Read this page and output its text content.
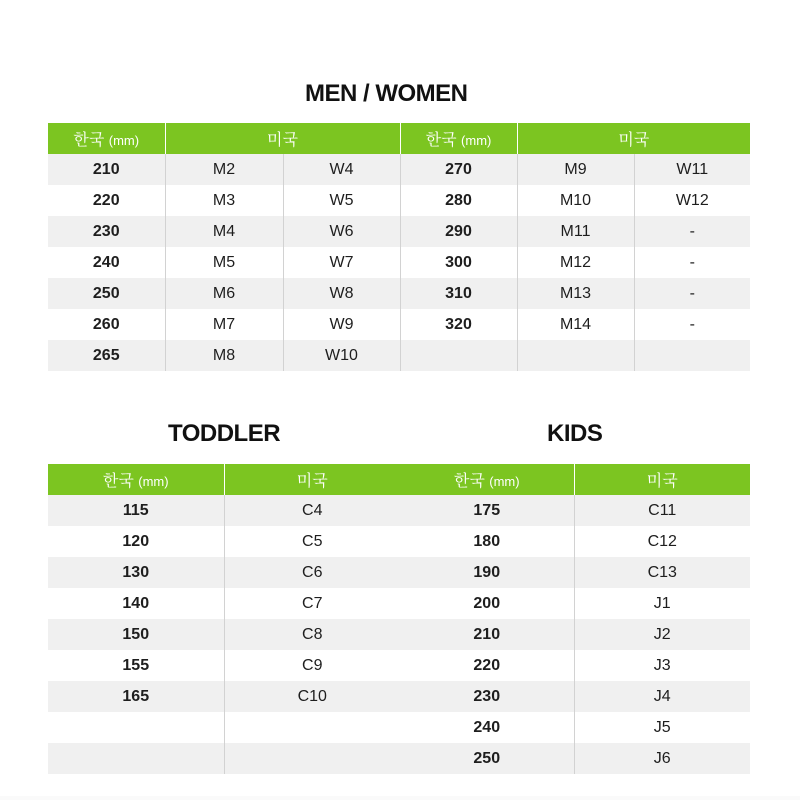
MEN / WOMEN
한국 (mm)	미국		한국 (mm)	미국	
210	M2	W4	270	M9	W11
220	M3	W5	280	M10	W12
230	M4	W6	290	M11	-
240	M5	W7	300	M12	-
250	M6	W8	310	M13	-
260	M7	W9	320	M14	-
265	M8	W10			
TODDLER	KIDS
한국 (mm)	미국
115	C4
120	C5
130	C6
140	C7
150	C8
155	C9
165	C10

한국 (mm)	미국
175	C11
180	C12
190	C13
200	J1
210	J2
220	J3
230	J4
240	J5
250	J6
